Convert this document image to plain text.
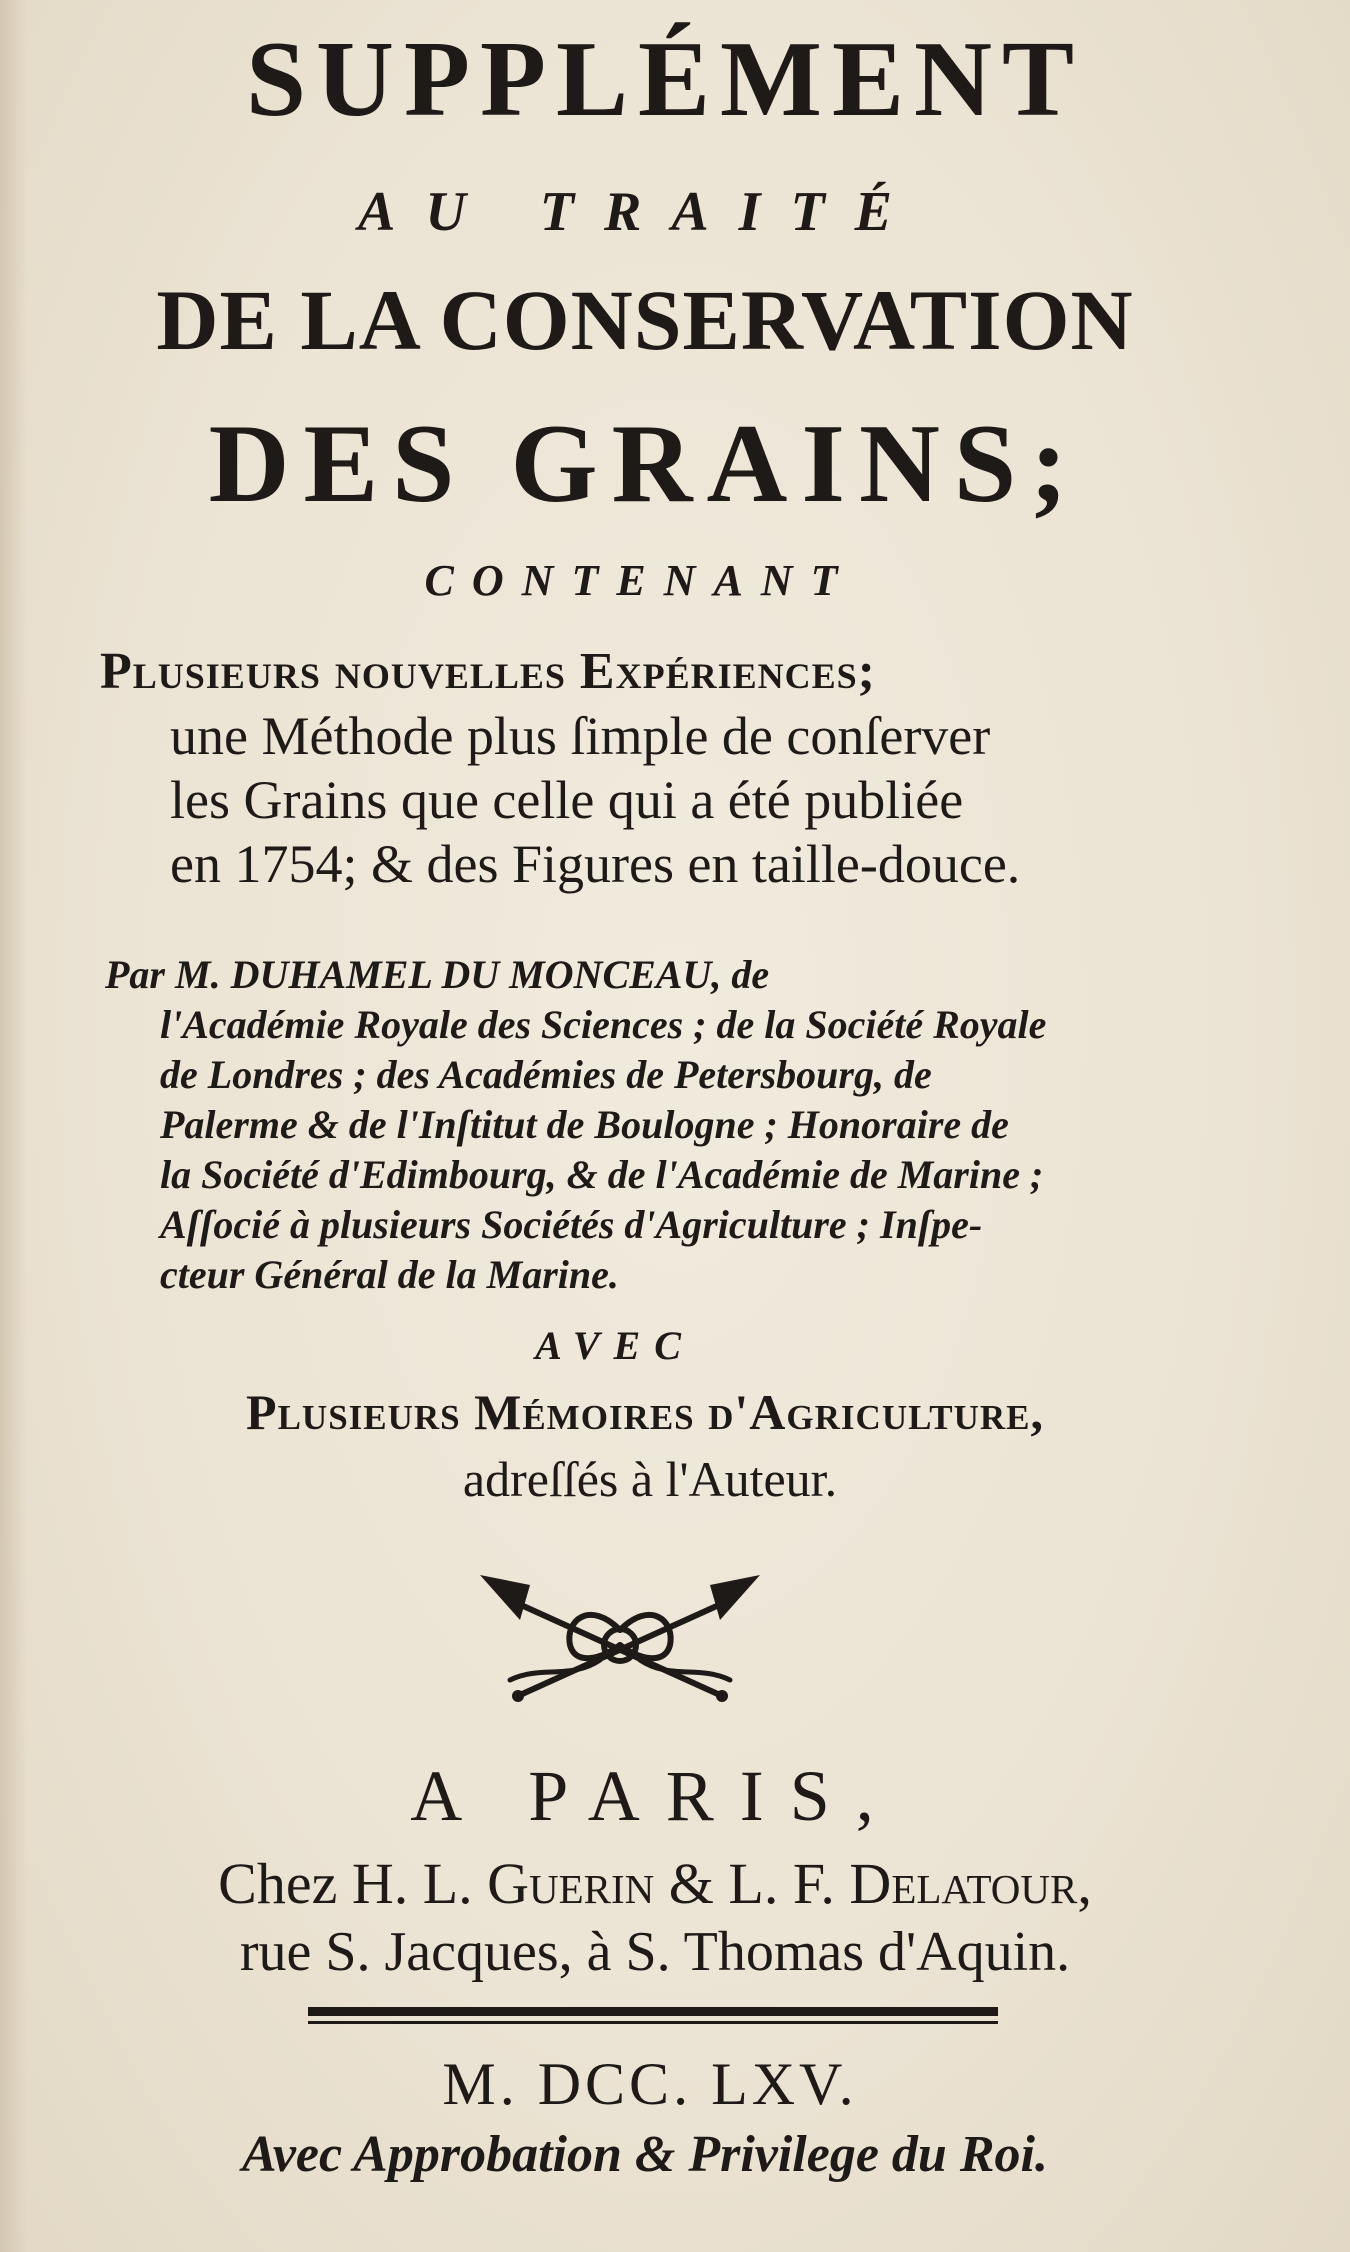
SUPPLÉMENT

AU TRAITÉ

DE LA CONSERVATION

DES GRAINS;

CONTENANT

Plusieurs nouvelles Expériences;
une Méthode plus ſimple de conſerver
les Grains que celle qui a été publiée
en 1754; & des Figures en taille-douce.
Par M. DUHAMEL DU MONCEAU, de
l'Académie Royale des Sciences ; de la Société Royale
de Londres ; des Académies de Petersbourg, de
Palerme & de l'Inſtitut de Boulogne ; Honoraire de
la Société d'Edimbourg, & de l'Académie de Marine ;
Aſſocié à plusieurs Sociétés d'Agriculture ; Inſpe-
cteur Général de la Marine.

AVEC

Plusieurs Mémoires d'Agriculture,

adreſſés à l'Auteur.

A PARIS,

Chez H. L. Guerin & L. F. Delatour,

rue S. Jacques, à S. Thomas d'Aquin.

M. DCC. LXV.

Avec Approbation & Privilege du Roi.
